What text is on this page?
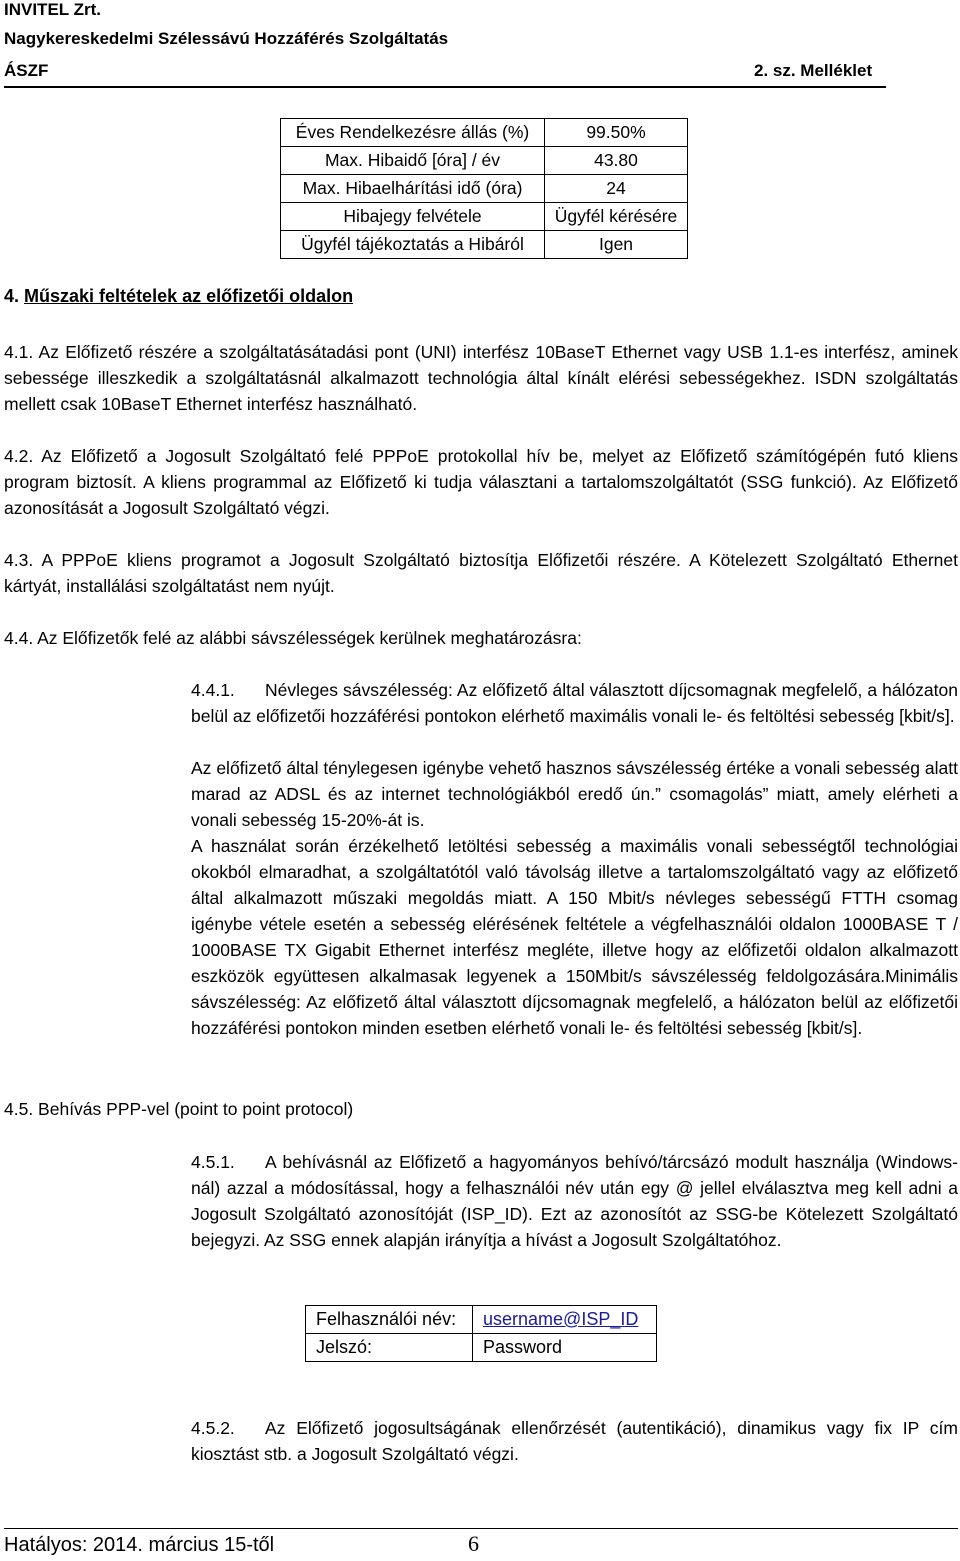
INVITEL Zrt.
Nagykereskedelmi Szélessávú Hozzáférés Szolgáltatás
ÁSZF	2. sz. Melléklet
Éves Rendelkezésre állás (%)	99.50%
Max. Hibaidő [óra] / év	43.80
Max. Hibaelhárítási idő (óra)	24
Hibajegy felvétele	Ügyfél kérésére
Ügyfél tájékoztatás a Hibáról	Igen
4. Műszaki feltételek az előfizetői oldalon

4.1. Az Előfizető részére a szolgáltatásátadási pont (UNI) interfész 10BaseT Ethernet vagy USB 1.1-es interfész, aminek sebessége illeszkedik a szolgáltatásnál alkalmazott technológia által kínált elérési sebességekhez. ISDN szolgáltatás mellett csak 10BaseT Ethernet interfész használható.

4.2. Az Előfizető a Jogosult Szolgáltató felé PPPoE protokollal hív be, melyet az Előfizető számítógépén futó kliens program biztosít. A kliens programmal az Előfizető ki tudja választani a tartalomszolgáltatót (SSG funkció). Az Előfizető azonosítását a Jogosult Szolgáltató végzi.

4.3. A PPPoE kliens programot a Jogosult Szolgáltató biztosítja Előfizetői részére. A Kötelezett Szolgáltató Ethernet kártyát, installálási szolgáltatást nem nyújt.

4.4. Az Előfizetők felé az alábbi sávszélességek kerülnek meghatározásra:

4.4.1.	Névleges sávszélesség: Az előfizető által választott díjcsomagnak megfelelő, a hálózaton belül az előfizetői hozzáférési pontokon elérhető maximális vonali le- és feltöltési sebesség [kbit/s].

Az előfizető által ténylegesen igénybe vehető hasznos sávszélesség értéke a vonali sebesség alatt marad az ADSL és az internet technológiákból eredő ún.” csomagolás” miatt, amely elérheti a vonali sebesség 15-20%-át is.

A használat során érzékelhető letöltési sebesség a maximális vonali sebességtől technológiai okokból elmaradhat, a szolgáltatótól való távolság illetve a tartalomszolgáltató vagy az előfizető által alkalmazott műszaki megoldás miatt. A 150 Mbit/s névleges sebességű FTTH csomag igénybe vétele esetén a sebesség elérésének feltétele a végfelhasználói oldalon 1000BASE T / 1000BASE TX Gigabit Ethernet interfész megléte, illetve hogy az előfizetői oldalon alkalmazott eszközök együttesen alkalmasak legyenek a 150Mbit/s sávszélesség feldolgozására.Minimális sávszélesség: Az előfizető által választott díjcsomagnak megfelelő, a hálózaton belül az előfizetői hozzáférési pontokon minden esetben elérhető vonali le- és feltöltési sebesség [kbit/s].

4.5. Behívás PPP-vel (point to point protocol)
4.5.1.	A behívásnál az Előfizető a hagyományos behívó/tárcsázó modult használja (Windows-nál) azzal a módosítással, hogy a felhasználói név után egy @ jellel elválasztva meg kell adni a Jogosult Szolgáltató azonosítóját (ISP_ID). Ezt az azonosítót az SSG-be Kötelezett Szolgáltató bejegyzi. Az SSG ennek alapján irányítja a hívást a Jogosult Szolgáltatóhoz.

Felhasználói név:	username@ISP_ID
Jelszó:	Password
4.5.2.	Az Előfizető jogosultságának ellenőrzését (autentikáció), dinamikus vagy fix IP cím kiosztást stb. a Jogosult Szolgáltató végzi.

Hatályos: 2014. március 15-től	6
